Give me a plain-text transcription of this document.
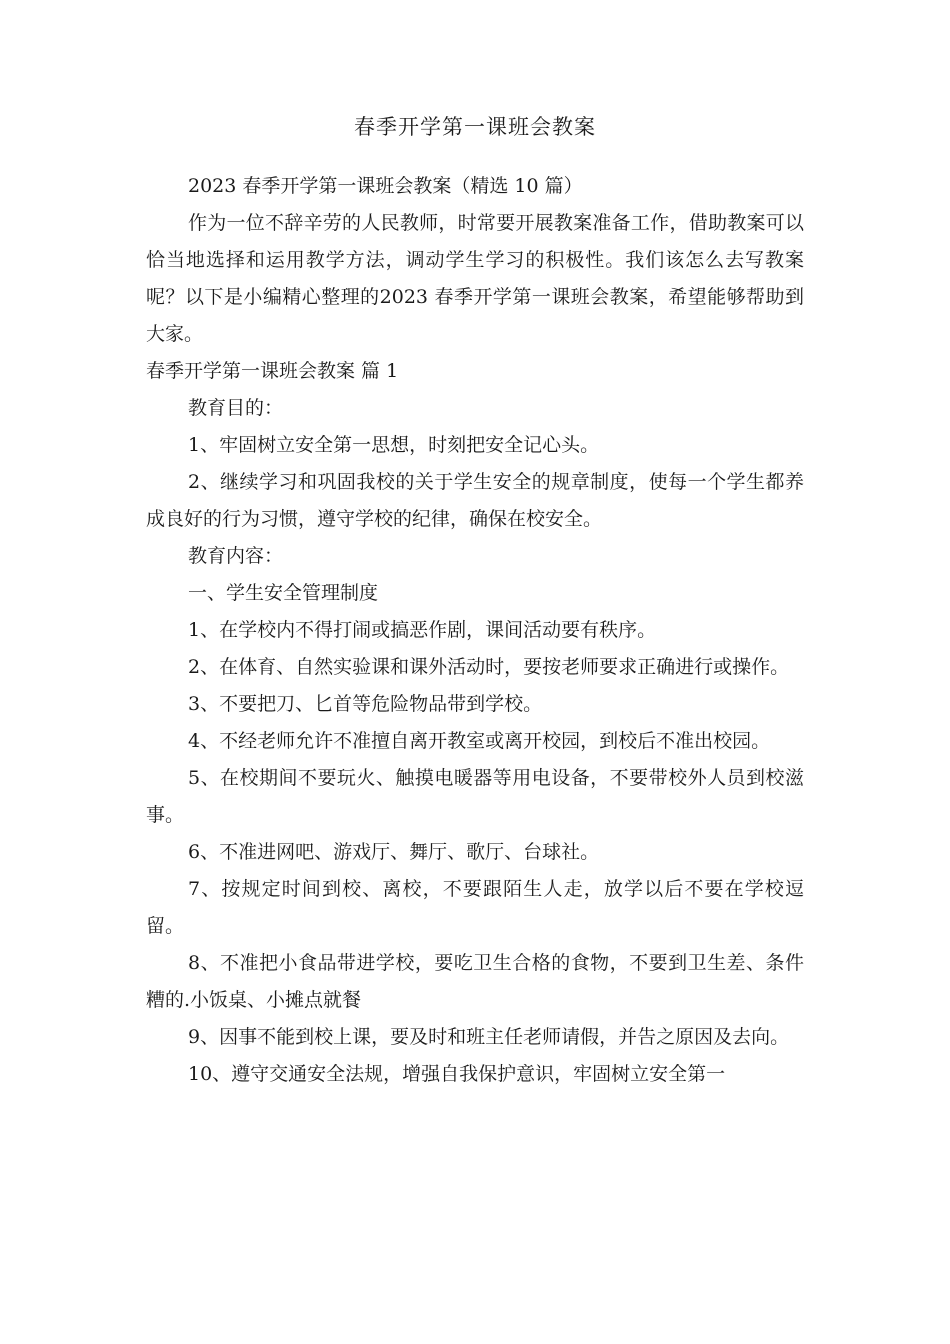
春季开学第一课班会教案

2023 春季开学第一课班会教案（精选 10 篇）

作为一位不辞辛劳的人民教师，时常要开展教案准备工作，借助教案可以恰当地选择和运用教学方法，调动学生学习的积极性。我们该怎么去写教案呢？以下是小编精心整理的2023 春季开学第一课班会教案，希望能够帮助到大家。

春季开学第一课班会教案 篇 1

教育目的：

1、牢固树立安全第一思想，时刻把安全记心头。

2、继续学习和巩固我校的关于学生安全的规章制度，使每一个学生都养成良好的行为习惯，遵守学校的纪律，确保在校安全。

教育内容：

一、学生安全管理制度

1、在学校内不得打闹或搞恶作剧，课间活动要有秩序。

2、在体育、自然实验课和课外活动时，要按老师要求正确进行或操作。

3、不要把刀、匕首等危险物品带到学校。

4、不经老师允许不准擅自离开教室或离开校园，到校后不准出校园。

5、在校期间不要玩火、触摸电暖器等用电设备，不要带校外人员到校滋事。

6、不准进网吧、游戏厅、舞厅、歌厅、台球社。

7、按规定时间到校、离校，不要跟陌生人走，放学以后不要在学校逗留。

8、不准把小食品带进学校，要吃卫生合格的食物，不要到卫生差、条件糟的.小饭桌、小摊点就餐

9、因事不能到校上课，要及时和班主任老师请假，并告之原因及去向。

10、遵守交通安全法规，增强自我保护意识，牢固树立安全第一
